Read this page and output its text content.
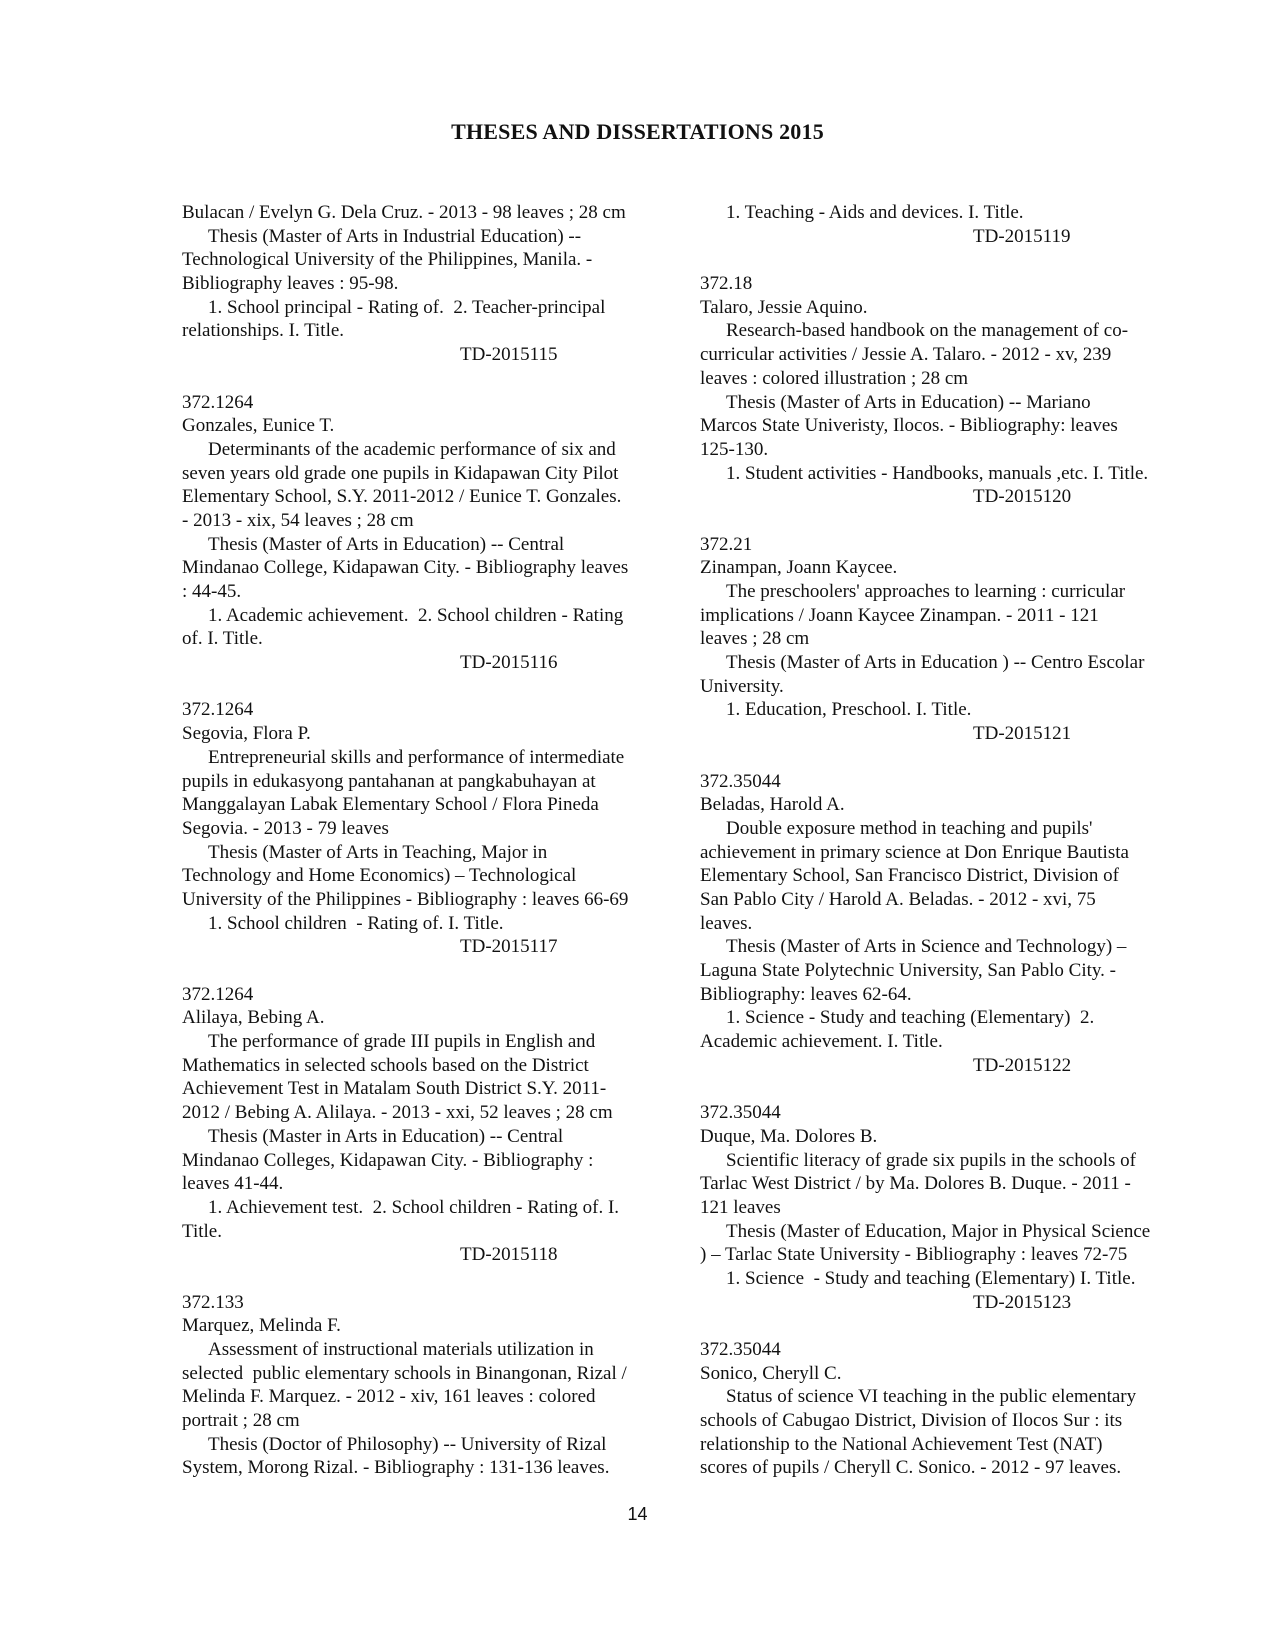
THESES AND DISSERTATIONS 2015
Bulacan / Evelyn G. Dela Cruz. - 2013 - 98 leaves ; 28 cm
Thesis (Master of Arts in Industrial Education) --
Technological University of the Philippines, Manila. -
Bibliography leaves : 95-98.
1. School principal - Rating of.  2. Teacher-principal
relationships. I. Title.
TD-2015115
372.1264
Gonzales, Eunice T.
Determinants of the academic performance of six and
seven years old grade one pupils in Kidapawan City Pilot
Elementary School, S.Y. 2011-2012 / Eunice T. Gonzales.
- 2013 - xix, 54 leaves ; 28 cm
Thesis (Master of Arts in Education) -- Central
Mindanao College, Kidapawan City. - Bibliography leaves
: 44-45.
1. Academic achievement.  2. School children - Rating
of. I. Title.
TD-2015116
372.1264
Segovia, Flora P.
Entrepreneurial skills and performance of intermediate
pupils in edukasyong pantahanan at pangkabuhayan at
Manggalayan Labak Elementary School / Flora Pineda
Segovia. - 2013 - 79 leaves
Thesis (Master of Arts in Teaching, Major in
Technology and Home Economics) – Technological
University of the Philippines - Bibliography : leaves 66-69
1. School children  - Rating of. I. Title.
TD-2015117
372.1264
Alilaya, Bebing A.
The performance of grade III pupils in English and
Mathematics in selected schools based on the District
Achievement Test in Matalam South District S.Y. 2011-
2012 / Bebing A. Alilaya. - 2013 - xxi, 52 leaves ; 28 cm
Thesis (Master in Arts in Education) -- Central
Mindanao Colleges, Kidapawan City. - Bibliography :
leaves 41-44.
1. Achievement test.  2. School children - Rating of. I.
Title.
TD-2015118
372.133
Marquez, Melinda F.
Assessment of instructional materials utilization in
selected  public elementary schools in Binangonan, Rizal /
Melinda F. Marquez. - 2012 - xiv, 161 leaves : colored
portrait ; 28 cm
Thesis (Doctor of Philosophy) -- University of Rizal
System, Morong Rizal. - Bibliography : 131-136 leaves.
1. Teaching - Aids and devices. I. Title.
TD-2015119
372.18
Talaro, Jessie Aquino.
Research-based handbook on the management of co-
curricular activities / Jessie A. Talaro. - 2012 - xv, 239
leaves : colored illustration ; 28 cm
Thesis (Master of Arts in Education) -- Mariano
Marcos State Univeristy, Ilocos. - Bibliography: leaves
125-130.
1. Student activities - Handbooks, manuals ,etc. I. Title.
TD-2015120
372.21
Zinampan, Joann Kaycee.
The preschoolers' approaches to learning : curricular
implications / Joann Kaycee Zinampan. - 2011 - 121
leaves ; 28 cm
Thesis (Master of Arts in Education ) -- Centro Escolar
University.
1. Education, Preschool. I. Title.
TD-2015121
372.35044
Beladas, Harold A.
Double exposure method in teaching and pupils'
achievement in primary science at Don Enrique Bautista
Elementary School, San Francisco District, Division of
San Pablo City / Harold A. Beladas. - 2012 - xvi, 75
leaves.
Thesis (Master of Arts in Science and Technology) –
Laguna State Polytechnic University, San Pablo City. -
Bibliography: leaves 62-64.
1. Science - Study and teaching (Elementary)  2.
Academic achievement. I. Title.
TD-2015122
372.35044
Duque, Ma. Dolores B.
Scientific literacy of grade six pupils in the schools of
Tarlac West District / by Ma. Dolores B. Duque. - 2011 -
121 leaves
Thesis (Master of Education, Major in Physical Science
) – Tarlac State University - Bibliography : leaves 72-75
1. Science  - Study and teaching (Elementary) I. Title.
TD-2015123
372.35044
Sonico, Cheryll C.
Status of science VI teaching in the public elementary
schools of Cabugao District, Division of Ilocos Sur : its
relationship to the National Achievement Test (NAT)
scores of pupils / Cheryll C. Sonico. - 2012 - 97 leaves.
14
